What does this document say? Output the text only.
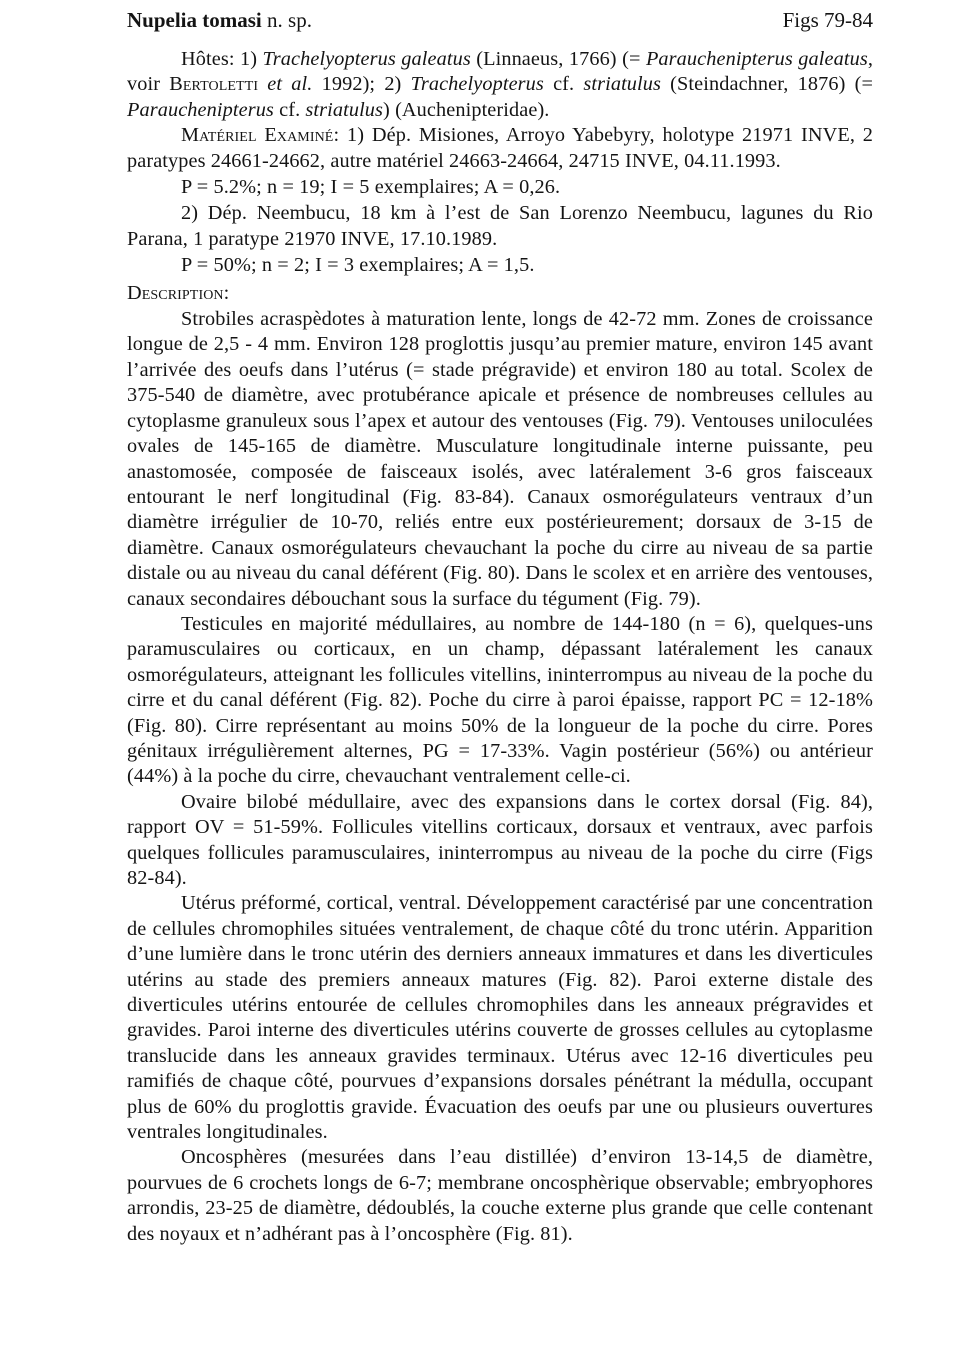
Nupelia tomasi n. sp.	Figs 79-84

Hôtes: 1) Trachelyopterus galeatus (Linnaeus, 1766) (= Parauchenipterus galeatus, voir Bertoletti et al. 1992); 2) Trachelyopterus cf. striatulus (Steindachner, 1876) (= Parauchenipterus cf. striatulus) (Auchenipteridae).

Matériel Examiné: 1) Dép. Misiones, Arroyo Yabebyry, holotype 21971 INVE, 2 paratypes 24661-24662, autre matériel 24663-24664, 24715 INVE, 04.11.1993.

P = 5.2%; n = 19; I = 5 exemplaires; A = 0,26.

2) Dép. Neembucu, 18 km à l’est de San Lorenzo Neembucu, lagunes du Rio Parana, 1 paratype 21970 INVE, 17.10.1989.

P = 50%; n = 2; I = 3 exemplaires; A = 1,5.

Description:

Strobiles acraspèdotes à maturation lente, longs de 42-72 mm. Zones de croissance longue de 2,5 - 4 mm. Environ 128 proglottis jusqu’au premier mature, environ 145 avant l’arrivée des oeufs dans l’utérus (= stade prégravide) et environ 180 au total. Scolex de 375-540 de diamètre, avec protubérance apicale et présence de nombreuses cellules au cytoplasme granuleux sous l’apex et autour des ventouses (Fig. 79). Ventouses uniloculées ovales de 145-165 de diamètre. Musculature longitudinale interne puissante, peu anastomosée, composée de faisceaux isolés, avec latéralement 3-6 gros faisceaux entourant le nerf longitudinal (Fig. 83-84). Canaux osmorégulateurs ventraux d’un diamètre irrégulier de 10-70, reliés entre eux postérieurement; dorsaux de 3-15 de diamètre. Canaux osmorégulateurs chevauchant la poche du cirre au niveau de sa partie distale ou au niveau du canal déférent (Fig. 80). Dans le scolex et en arrière des ventouses, canaux secondaires débouchant sous la surface du tégument (Fig. 79).

Testicules en majorité médullaires, au nombre de 144-180 (n = 6), quelques-uns paramusculaires ou corticaux, en un champ, dépassant latéralement les canaux osmorégulateurs, atteignant les follicules vitellins, ininterrompus au niveau de la poche du cirre et du canal déférent (Fig. 82). Poche du cirre à paroi épaisse, rapport PC = 12-18% (Fig. 80). Cirre représentant au moins 50% de la longueur de la poche du cirre. Pores génitaux irrégulièrement alternes, PG = 17-33%. Vagin postérieur (56%) ou antérieur (44%) à la poche du cirre, chevauchant ventralement celle-ci.

Ovaire bilobé médullaire, avec des expansions dans le cortex dorsal (Fig. 84), rapport OV = 51-59%. Follicules vitellins corticaux, dorsaux et ventraux, avec parfois quelques follicules paramusculaires, ininterrompus au niveau de la poche du cirre (Figs 82-84).

Utérus préformé, cortical, ventral. Développement caractérisé par une concentration de cellules chromophiles situées ventralement, de chaque côté du tronc utérin. Apparition d’une lumière dans le tronc utérin des derniers anneaux immatures et dans les diverticules utérins au stade des premiers anneaux matures (Fig. 82). Paroi externe distale des diverticules utérins entourée de cellules chromophiles dans les anneaux prégravides et gravides. Paroi interne des diverticules utérins couverte de grosses cellules au cytoplasme translucide dans les anneaux gravides terminaux. Utérus avec 12-16 diverticules peu ramifiés de chaque côté, pourvues d’expansions dorsales pénétrant la médulla, occupant plus de 60% du proglottis gravide. Évacuation des oeufs par une ou plusieurs ouvertures ventrales longitudinales.

Oncosphères (mesurées dans l’eau distillée) d’environ 13-14,5 de diamètre, pourvues de 6 crochets longs de 6-7; membrane oncosphèrique observable; embryophores arrondis, 23-25 de diamètre, dédoublés, la couche externe plus grande que celle contenant des noyaux et n’adhérant pas à l’oncosphère (Fig. 81).
